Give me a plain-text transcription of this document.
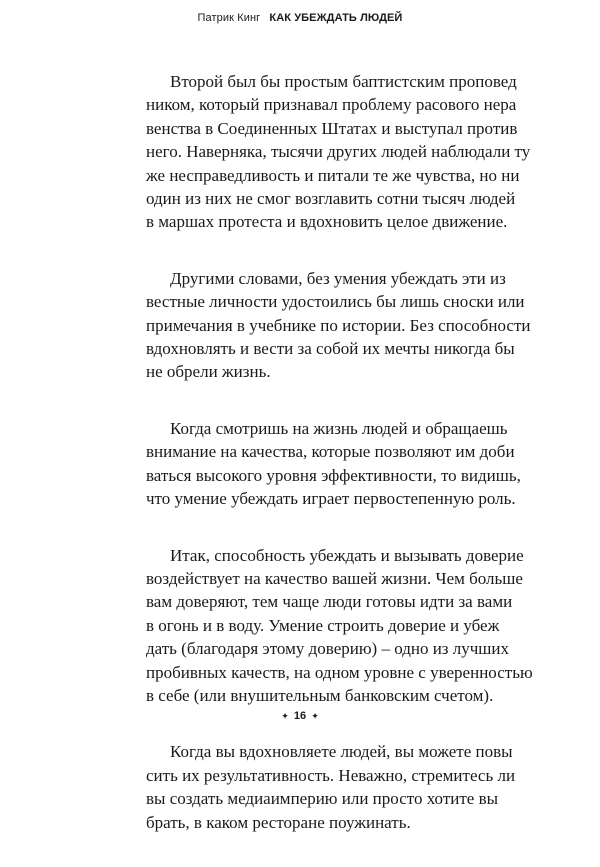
Патрик Кинг КАК УБЕЖДАТЬ ЛЮДЕЙ

Второй был бы простым баптистским проповед
ником, который признавал проблему расового нера
венства в Соединенных Штатах и выступал против
него. Наверняка, тысячи других людей наблюдали ту
же несправедливость и питали те же чувства, но ни
один из них не смог возглавить сотни тысяч людей
в маршах протеста и вдохновить целое движение.

Другими словами, без умения убеждать эти из
вестные личности удостоились бы лишь сноски или
примечания в учебнике по истории. Без способности
вдохновлять и вести за собой их мечты никогда бы
не обрели жизнь.

Когда смотришь на жизнь людей и обращаешь
внимание на качества, которые позволяют им доби
ваться высокого уровня эффективности, то видишь,
что умение убеждать играет первостепенную роль.

Итак, способность убеждать и вызывать доверие
воздействует на качество вашей жизни. Чем больше
вам доверяют, тем чаще люди готовы идти за вами
в огонь и в воду. Умение строить доверие и убеж
дать (благодаря этому доверию) – одно из лучших
пробивных качеств, на одном уровне с уверенностью
в себе (или внушительным банковским счетом).

Когда вы вдохновляете людей, вы можете повы
сить их результативность. Неважно, стремитесь ли
вы создать медиаимперию или просто хотите вы
брать, в каком ресторане поужинать.

✦ 16 ✦
